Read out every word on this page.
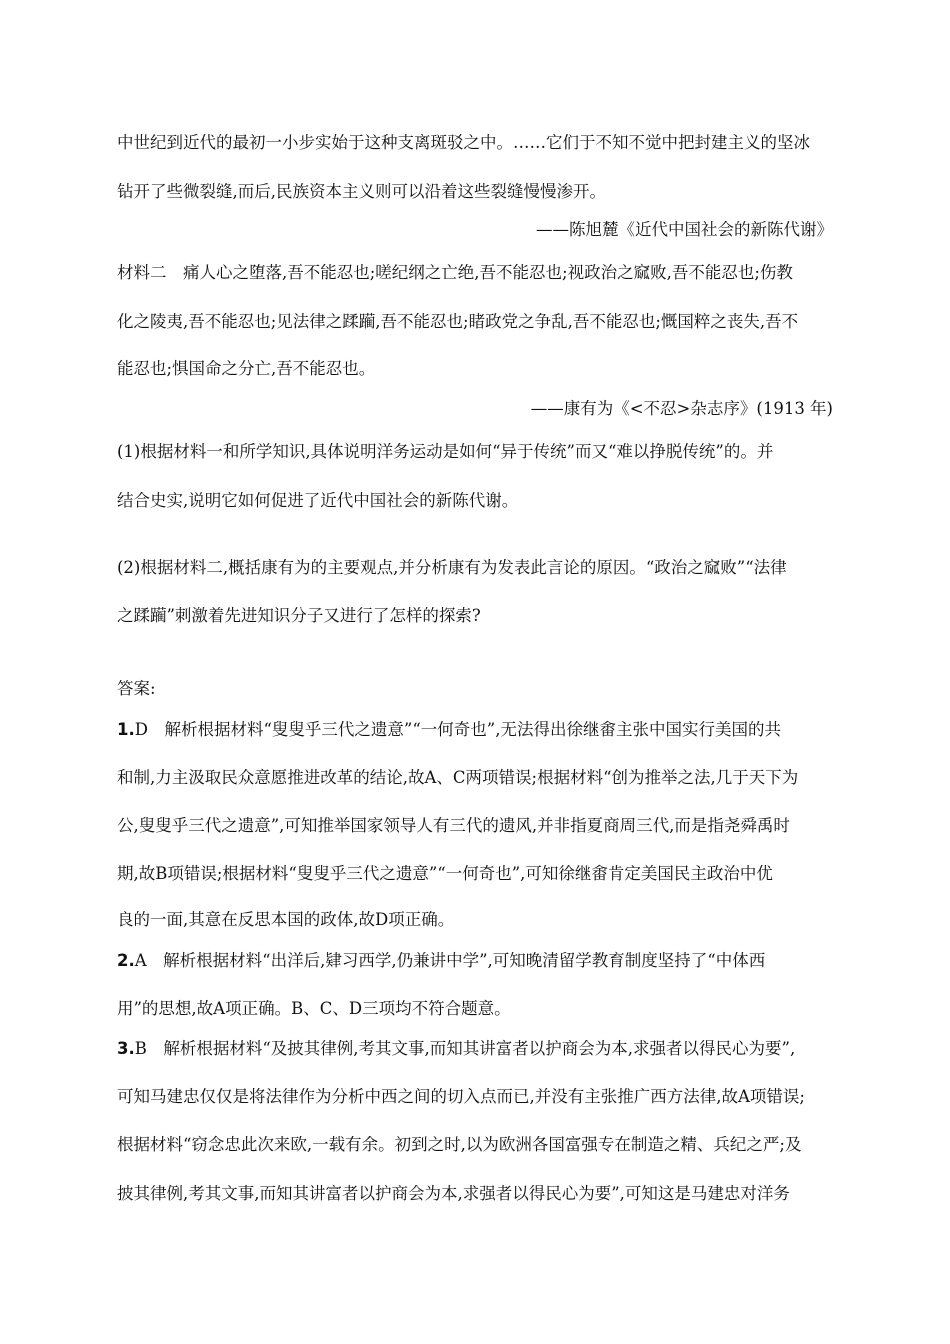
中世纪到近代的最初一小步实始于这种支离斑驳之中。……它们于不知不觉中把封建主义的坚冰
钻开了些微裂缝,而后,民族资本主义则可以沿着这些裂缝慢慢渗开。
——陈旭麓《近代中国社会的新陈代谢》
材料二　痛人心之堕落,吾不能忍也;嗟纪纲之亡绝,吾不能忍也;视政治之窳败,吾不能忍也;伤教
化之陵夷,吾不能忍也;见法律之蹂躏,吾不能忍也;睹政党之争乱,吾不能忍也;慨国粹之丧失,吾不
能忍也;惧国命之分亡,吾不能忍也。
——康有为《<不忍>杂志序》(1913 年)
(1)根据材料一和所学知识,具体说明洋务运动是如何“异于传统”而又“难以挣脱传统”的。并
结合史实,说明它如何促进了近代中国社会的新陈代谢。
(2)根据材料二,概括康有为的主要观点,并分析康有为发表此言论的原因。“政治之窳败”“法律
之蹂躏”刺激着先进知识分子又进行了怎样的探索?
答案:
1.D　解析根据材料“叟叟乎三代之遗意”“一何奇也”,无法得出徐继畬主张中国实行美国的共
和制,力主汲取民众意愿推进改革的结论,故A、C两项错误;根据材料“创为推举之法,几于天下为
公,叟叟乎三代之遗意”,可知推举国家领导人有三代的遗风,并非指夏商周三代,而是指尧舜禹时
期,故B项错误;根据材料“叟叟乎三代之遗意”“一何奇也”,可知徐继畬肯定美国民主政治中优
良的一面,其意在反思本国的政体,故D项正确。
2.A　解析根据材料“出洋后,肄习西学,仍兼讲中学”,可知晚清留学教育制度坚持了“中体西
用”的思想,故A项正确。B、C、D三项均不符合题意。
3.B　解析根据材料“及披其律例,考其文事,而知其讲富者以护商会为本,求强者以得民心为要”,
可知马建忠仅仅是将法律作为分析中西之间的切入点而已,并没有主张推广西方法律,故A项错误;
根据材料“窃念忠此次来欧,一载有余。初到之时,以为欧洲各国富强专在制造之精、兵纪之严;及
披其律例,考其文事,而知其讲富者以护商会为本,求强者以得民心为要”,可知这是马建忠对洋务
